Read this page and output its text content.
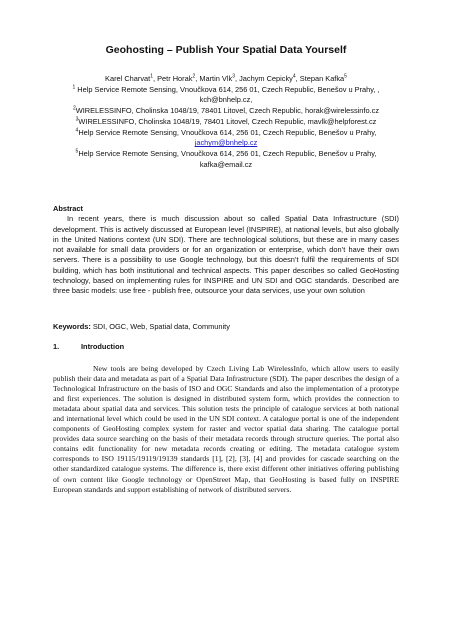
Geohosting – Publish Your Spatial Data Yourself

Karel Charvat$^1$, Petr Horak$^2$, Martin Vlk$^3$, Jachym Cepicky$^4$, Stepan Kafka$^5$

$^1$ Help Service Remote Sensing, Vnoučkova 614, 256 01, Czech Republic, Benešov u Prahy, , kch@bnhelp.cz,

$^2$WIRELESSINFO, Cholinska 1048/19, 78401 Litovel, Czech Republic, horak@wirelessinfo.cz

$^3$WIRELESSINFO, Cholinska 1048/19, 78401 Litovel, Czech Republic, mavlk@helpforest.cz

$^4$Help Service Remote Sensing, Vnoučkova 614, 256 01, Czech Republic, Benešov u Prahy, jachym@bnhelp.cz

$^5$Help Service Remote Sensing, Vnoučkova 614, 256 01, Czech Republic, Benešov u Prahy, kafka@email.cz

Abstract

In recent years, there is much discussion about so called Spatial Data Infrastructure (SDI) development. This is actively discussed at European level (INSPIRE), at national levels, but also globally in the United Nations context (UN SDI). There are technological solutions, but these are in many cases not available for small data providers or for an organization or enterprise, which don’t have their own servers. There is a possibility to use Google technology, but this doesn’t fulfil the requirements of SDI building, which has both institutional and technical aspects. This paper describes so called GeoHosting technology, based on implementing rules for INSPIRE and UN SDI and OGC standards. Described are three basic models: use free - publish free, outsource your data services, use your own solution

Keywords: SDI, OGC, Web, Spatial data, Community
1.	Introduction

New tools are being developed by Czech Living Lab WirelessInfo, which allow users to easily publish their data and metadata as part of a Spatial Data Infrastructure (SDI). The paper describes the design of a Technological Infrastructure on the basis of ISO and OGC Standards and also the implementation of a prototype and first experiences. The solution is designed in distributed system form, which provides the connection to metadata about spatial data and services. This solution tests the principle of catalogue services at both national and international level which could be used in the UN SDI context. A catalogue portal is one of the independent components of GeoHosting complex system for raster and vector spatial data sharing. The catalogue portal provides data source searching on the basis of their metadata records through structure queries. The portal also contains edit functionality for new metadata records creating or editing. The metadata catalogue system corresponds to ISO 19115/19119/19139 standards [1], [2], [3], [4] and provides for cascade searching on the other standardized catalogue systems. The difference is, there exist different other initiatives offering publishing of own content like Google technology or OpenStreet Map, that GeoHosting is based fully on INSPIRE European standards and support establishing of network of distributed servers.
